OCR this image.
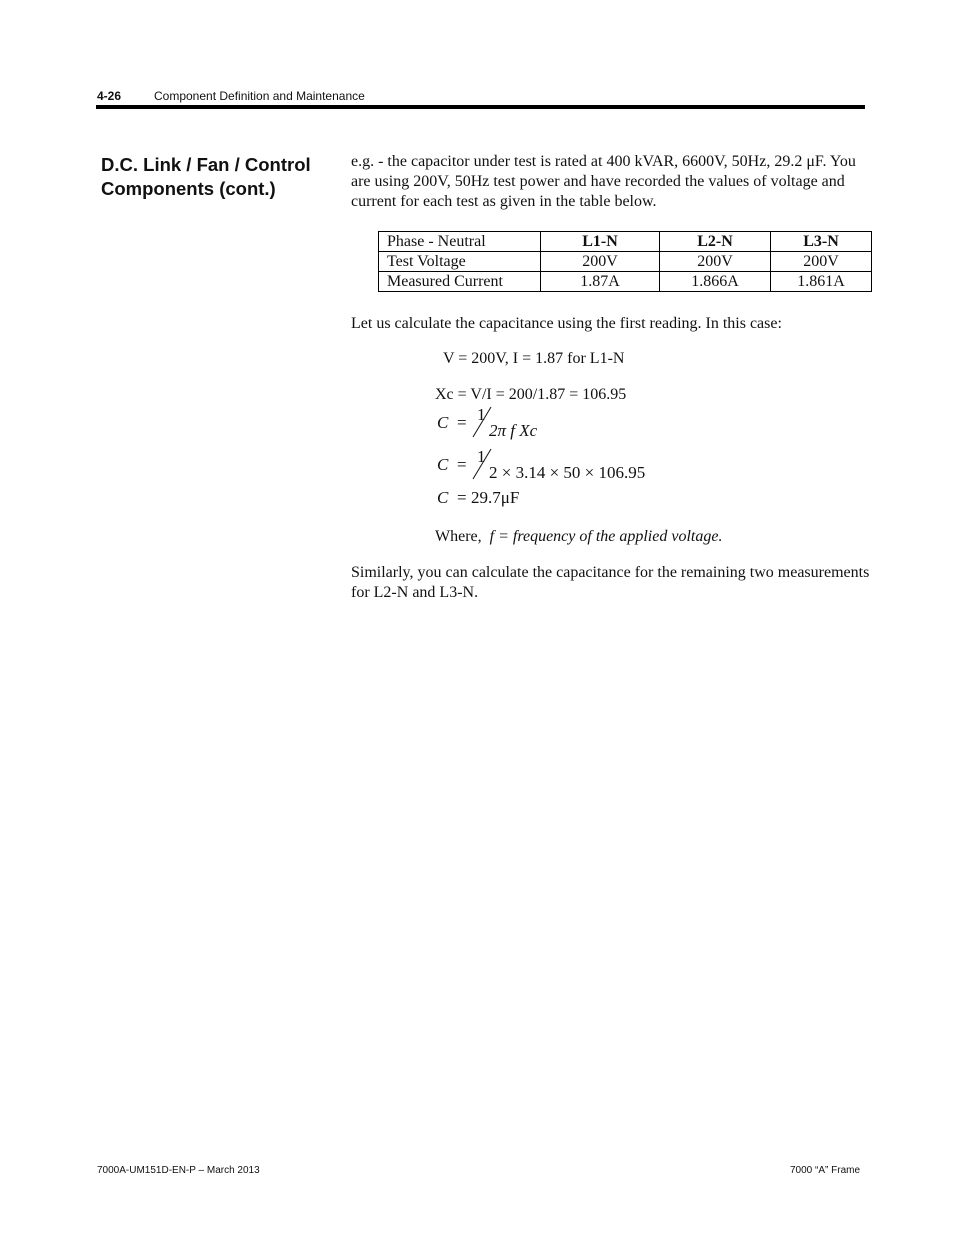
4-26	Component Definition and Maintenance
D.C. Link / Fan / Control Components (cont.)
e.g. - the capacitor under test is rated at 400 kVAR, 6600V, 50Hz, 29.2 μF. You are using 200V, 50Hz test power and have recorded the values of voltage and current for each test as given in the table below.
Phase - Neutral	L1-N	L2-N	L3-N
Test Voltage	200V	200V	200V
Measured Current	1.87A	1.866A	1.861A
Let us calculate the capacitance using the first reading. In this case:
V = 200V, I = 1.87 for L1-N
Xc = V/I = 200/1.87 = 106.95
C = 1
2π f Xc
C = 1
2 × 3.14 × 50 × 106.95
C = 29.7μF
Where, f = frequency of the applied voltage.
Similarly, you can calculate the capacitance for the remaining two measurements for L2-N and L3-N.
7000A-UM151D-EN-P – March 2013	7000 “A” Frame
